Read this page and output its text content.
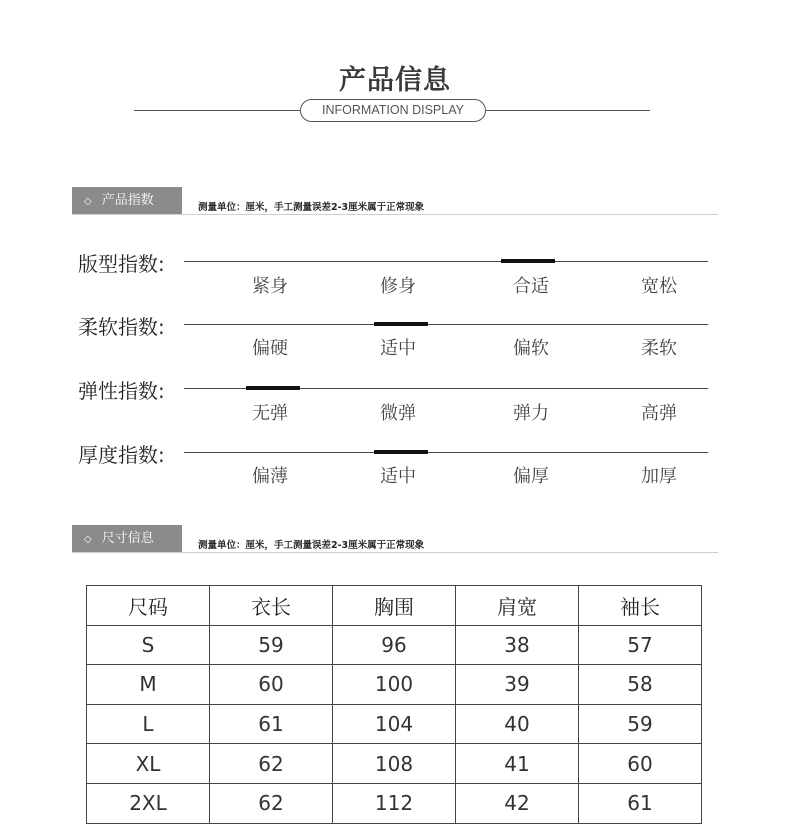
产品信息
INFORMATION DISPLAY
◇ 产品指数	测量单位：厘米，手工测量误差2-3厘米属于正常现象
版型指数:
紧身	修身	合适	宽松
柔软指数:
偏硬	适中	偏软	柔软
弹性指数:
无弹	微弹	弹力	高弹
厚度指数:
偏薄	适中	偏厚	加厚
◇ 尺寸信息	测量单位：厘米，手工测量误差2-3厘米属于正常现象
尺码	衣长	胸围	肩宽	袖长
S	59	96	38	57
M	60	100	39	58
L	61	104	40	59
XL	62	108	41	60
2XL	62	112	42	61
